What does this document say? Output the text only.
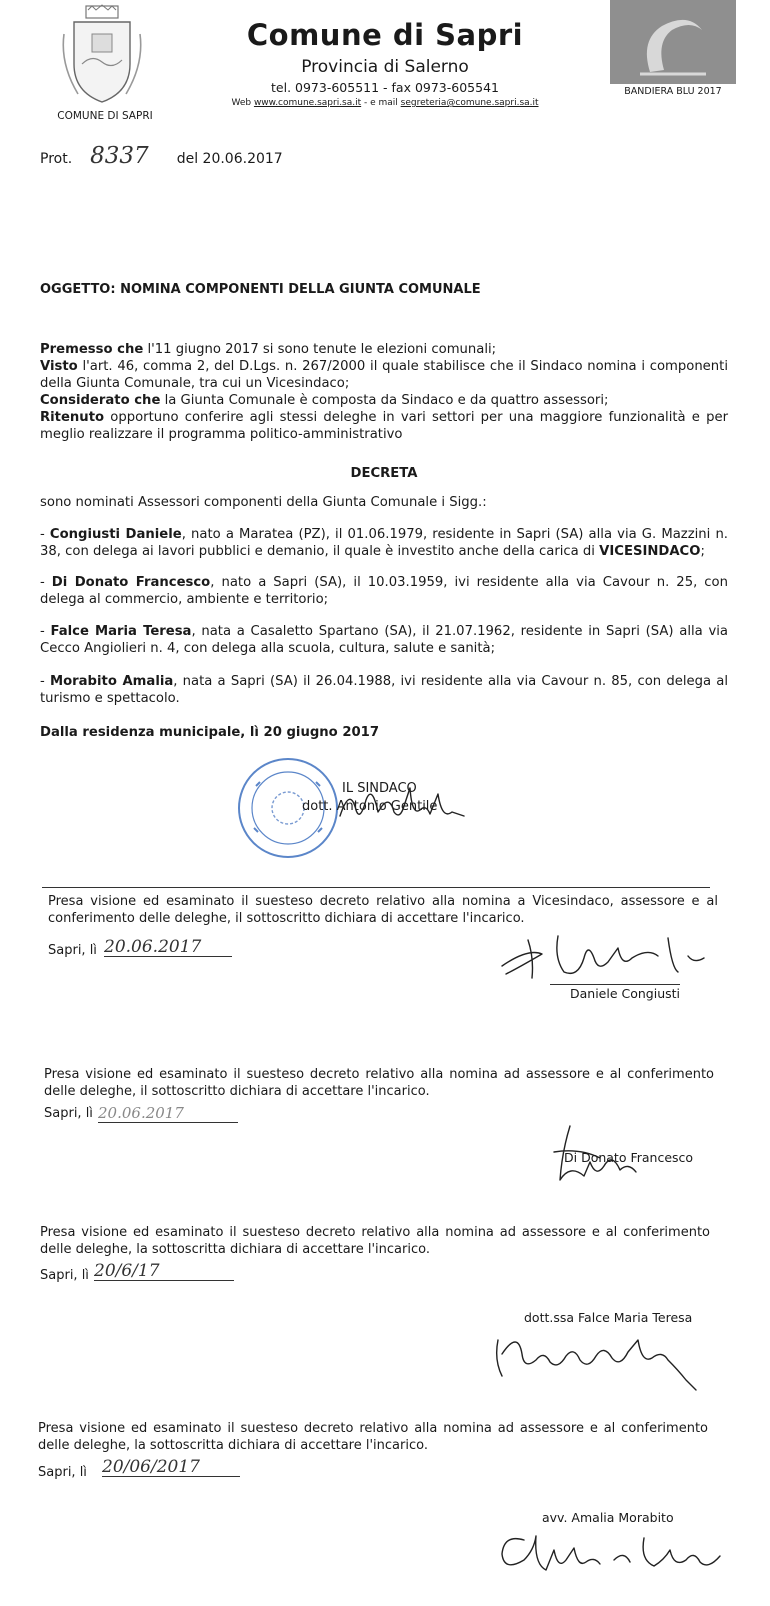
COMUNE DI SAPRI
Comune di Sapri
Provincia di Salerno
tel. 0973-605511 - fax 0973-605541
Web www.comune.sapri.sa.it - e mail segreteria@comune.sapri.sa.it
BANDIERA BLU 2017
Prot. 8337 del 20.06.2017
OGGETTO: NOMINA COMPONENTI DELLA GIUNTA COMUNALE
Premesso che l'11 giugno 2017 si sono tenute le elezioni comunali;
Visto l'art. 46, comma 2, del D.Lgs. n. 267/2000 il quale stabilisce che il Sindaco nomina i componenti della Giunta Comunale, tra cui un Vicesindaco;
Considerato che la Giunta Comunale è composta da Sindaco e da quattro assessori;
Ritenuto opportuno conferire agli stessi deleghe in vari settori per una maggiore funzionalità e per meglio realizzare il programma politico-amministrativo
DECRETA
sono nominati Assessori componenti della Giunta Comunale i Sigg.:
- Congiusti Daniele, nato a Maratea (PZ), il 01.06.1979, residente in Sapri (SA) alla via G. Mazzini n. 38, con delega ai lavori pubblici e demanio, il quale è investito anche della carica di VICESINDACO;
- Di Donato Francesco, nato a Sapri (SA), il 10.03.1959, ivi residente alla via Cavour n. 25, con delega al commercio, ambiente e territorio;
- Falce Maria Teresa, nata a Casaletto Spartano (SA), il 21.07.1962, residente in Sapri (SA) alla via Cecco Angiolieri n. 4, con delega alla scuola, cultura, salute e sanità;
- Morabito Amalia, nata a Sapri (SA) il 26.04.1988, ivi residente alla via Cavour n. 85, con delega al turismo e spettacolo.
Dalla residenza municipale, lì 20 giugno 2017
IL SINDACO
dott. Antonio Gentile
Presa visione ed esaminato il suesteso decreto relativo alla nomina a Vicesindaco, assessore e al conferimento delle deleghe, il sottoscritto dichiara di accettare l'incarico.
Sapri, lì 20.06.2017
Daniele Congiusti
Presa visione ed esaminato il suesteso decreto relativo alla nomina ad assessore e al conferimento delle deleghe, il sottoscritto dichiara di accettare l'incarico.
Sapri, lì 20.06.2017
Di Donato Francesco
Presa visione ed esaminato il suesteso decreto relativo alla nomina ad assessore e al conferimento delle deleghe, la sottoscritta dichiara di accettare l'incarico.
Sapri, lì 20/6/17
dott.ssa Falce Maria Teresa
Presa visione ed esaminato il suesteso decreto relativo alla nomina ad assessore e al conferimento delle deleghe, la sottoscritta dichiara di accettare l'incarico.
Sapri, lì 20/06/2017
avv. Amalia Morabito
